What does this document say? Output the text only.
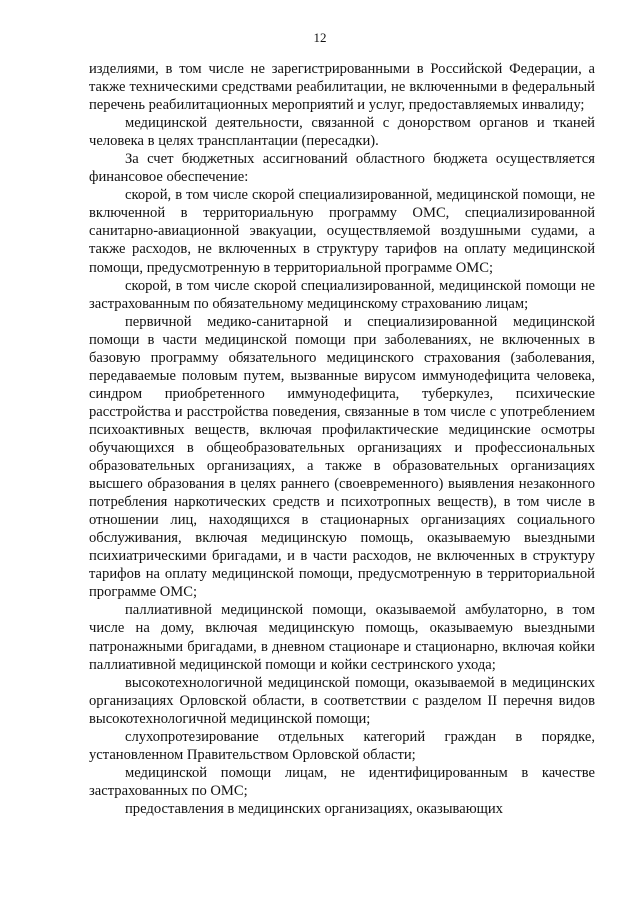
12

изделиями, в том числе не зарегистрированными в Российской Федерации, а также техническими средствами реабилитации, не включенными в федеральный перечень реабилитационных мероприятий и услуг, предоставляемых инвалиду;

медицинской деятельности, связанной с донорством органов и тканей человека в целях трансплантации (пересадки).

За счет бюджетных ассигнований областного бюджета осуществляется финансовое обеспечение:

скорой, в том числе скорой специализированной, медицинской помощи, не включенной в территориальную программу ОМС, специализированной санитарно-авиационной эвакуации, осуществляемой воздушными судами, а также расходов, не включенных в структуру тарифов на оплату медицинской помощи, предусмотренную в территориальной программе ОМС;

скорой, в том числе скорой специализированной, медицинской помощи не застрахованным по обязательному медицинскому страхованию лицам;

первичной медико-санитарной и специализированной медицинской помощи в части медицинской помощи при заболеваниях, не включенных в базовую программу обязательного медицинского страхования (заболевания, передаваемые половым путем, вызванные вирусом иммунодефицита человека, синдром приобретенного иммунодефицита, туберкулез, психические расстройства и расстройства поведения, связанные в том числе с употреблением психоактивных веществ, включая профилактические медицинские осмотры обучающихся в общеобразовательных организациях и профессиональных образовательных организациях, а также в образовательных организациях высшего образования в целях раннего (своевременного) выявления незаконного потребления наркотических средств и психотропных веществ), в том числе в отношении лиц, находящихся в стационарных организациях социального обслуживания, включая медицинскую помощь, оказываемую выездными психиатрическими бригадами, и в части расходов, не включенных в структуру тарифов на оплату медицинской помощи, предусмотренную в территориальной программе ОМС;

паллиативной медицинской помощи, оказываемой амбулаторно, в том числе на дому, включая медицинскую помощь, оказываемую выездными патронажными бригадами, в дневном стационаре и стационарно, включая койки паллиативной медицинской помощи и койки сестринского ухода;

высокотехнологичной медицинской помощи, оказываемой в медицинских организациях Орловской области, в соответствии с разделом II перечня видов высокотехнологичной медицинской помощи;

слухопротезирование отдельных категорий граждан в порядке, установленном Правительством Орловской области;

медицинской помощи лицам, не идентифицированным в качестве застрахованных по ОМС;

предоставления в медицинских организациях, оказывающих
